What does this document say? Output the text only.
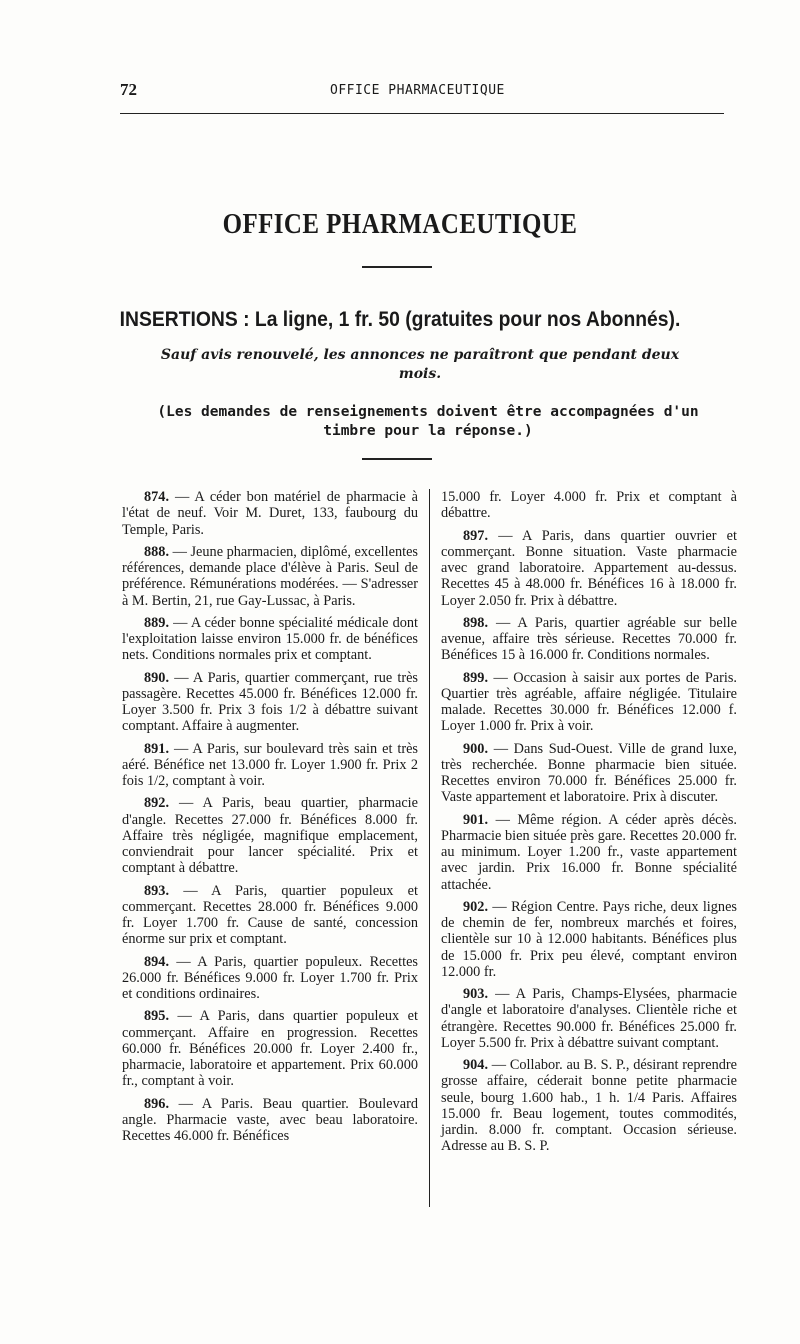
72	OFFICE PHARMACEUTIQUE
OFFICE PHARMACEUTIQUE
INSERTIONS : La ligne, 1 fr. 50 (gratuites pour nos Abonnés).
Sauf avis renouvelé, les annonces ne paraîtront que pendant deux mois.
(Les demandes de renseignements doivent être accompagnées d'un timbre pour la réponse.)

874. — A céder bon matériel de pharmacie à l'état de neuf. Voir M. Duret, 133, faubourg du Temple, Paris.

888. — Jeune pharmacien, diplômé, excellentes références, demande place d'élève à Paris. Seul de préférence. Rémunérations modérées. — S'adresser à M. Bertin, 21, rue Gay-Lussac, à Paris.

889. — A céder bonne spécialité médicale dont l'exploitation laisse environ 15.000 fr. de bénéfices nets. Conditions normales prix et comptant.

890. — A Paris, quartier commerçant, rue très passagère. Recettes 45.000 fr. Bénéfices 12.000 fr. Loyer 3.500 fr. Prix 3 fois 1/2 à débattre suivant comptant. Affaire à augmenter.

891. — A Paris, sur boulevard très sain et très aéré. Bénéfice net 13.000 fr. Loyer 1.900 fr. Prix 2 fois 1/2, comptant à voir.

892. — A Paris, beau quartier, pharmacie d'angle. Recettes 27.000 fr. Bénéfices 8.000 fr. Affaire très négligée, magnifique emplacement, conviendrait pour lancer spécialité. Prix et comptant à débattre.

893. — A Paris, quartier populeux et commerçant. Recettes 28.000 fr. Bénéfices 9.000 fr. Loyer 1.700 fr. Cause de santé, concession énorme sur prix et comptant.

894. — A Paris, quartier populeux. Recettes 26.000 fr. Bénéfices 9.000 fr. Loyer 1.700 fr. Prix et conditions ordinaires.

895. — A Paris, dans quartier populeux et commerçant. Affaire en progression. Recettes 60.000 fr. Bénéfices 20.000 fr. Loyer 2.400 fr., pharmacie, laboratoire et appartement. Prix 60.000 fr., comptant à voir.

896. — A Paris. Beau quartier. Boulevard angle. Pharmacie vaste, avec beau laboratoire. Recettes 46.000 fr. Bénéfices

15.000 fr. Loyer 4.000 fr. Prix et comptant à débattre.

897. — A Paris, dans quartier ouvrier et commerçant. Bonne situation. Vaste pharmacie avec grand laboratoire. Appartement au-dessus. Recettes 45 à 48.000 fr. Bénéfices 16 à 18.000 fr. Loyer 2.050 fr. Prix à débattre.

898. — A Paris, quartier agréable sur belle avenue, affaire très sérieuse. Recettes 70.000 fr. Bénéfices 15 à 16.000 fr. Conditions normales.

899. — Occasion à saisir aux portes de Paris. Quartier très agréable, affaire négligée. Titulaire malade. Recettes 30.000 fr. Bénéfices 12.000 f. Loyer 1.000 fr. Prix à voir.

900. — Dans Sud-Ouest. Ville de grand luxe, très recherchée. Bonne pharmacie bien située. Recettes environ 70.000 fr. Bénéfices 25.000 fr. Vaste appartement et laboratoire. Prix à discuter.

901. — Même région. A céder après décès. Pharmacie bien située près gare. Recettes 20.000 fr. au minimum. Loyer 1.200 fr., vaste appartement avec jardin. Prix 16.000 fr. Bonne spécialité attachée.

902. — Région Centre. Pays riche, deux lignes de chemin de fer, nombreux marchés et foires, clientèle sur 10 à 12.000 habitants. Bénéfices plus de 15.000 fr. Prix peu élevé, comptant environ 12.000 fr.

903. — A Paris, Champs-Elysées, pharmacie d'angle et laboratoire d'analyses. Clientèle riche et étrangère. Recettes 90.000 fr. Bénéfices 25.000 fr. Loyer 5.500 fr. Prix à débattre suivant comptant.

904. — Collabor. au B. S. P., désirant reprendre grosse affaire, céderait bonne petite pharmacie seule, bourg 1.600 hab., 1 h. 1/4 Paris. Affaires 15.000 fr. Beau logement, toutes commodités, jardin. 8.000 fr. comptant. Occasion sérieuse. Adresse au B. S. P.
